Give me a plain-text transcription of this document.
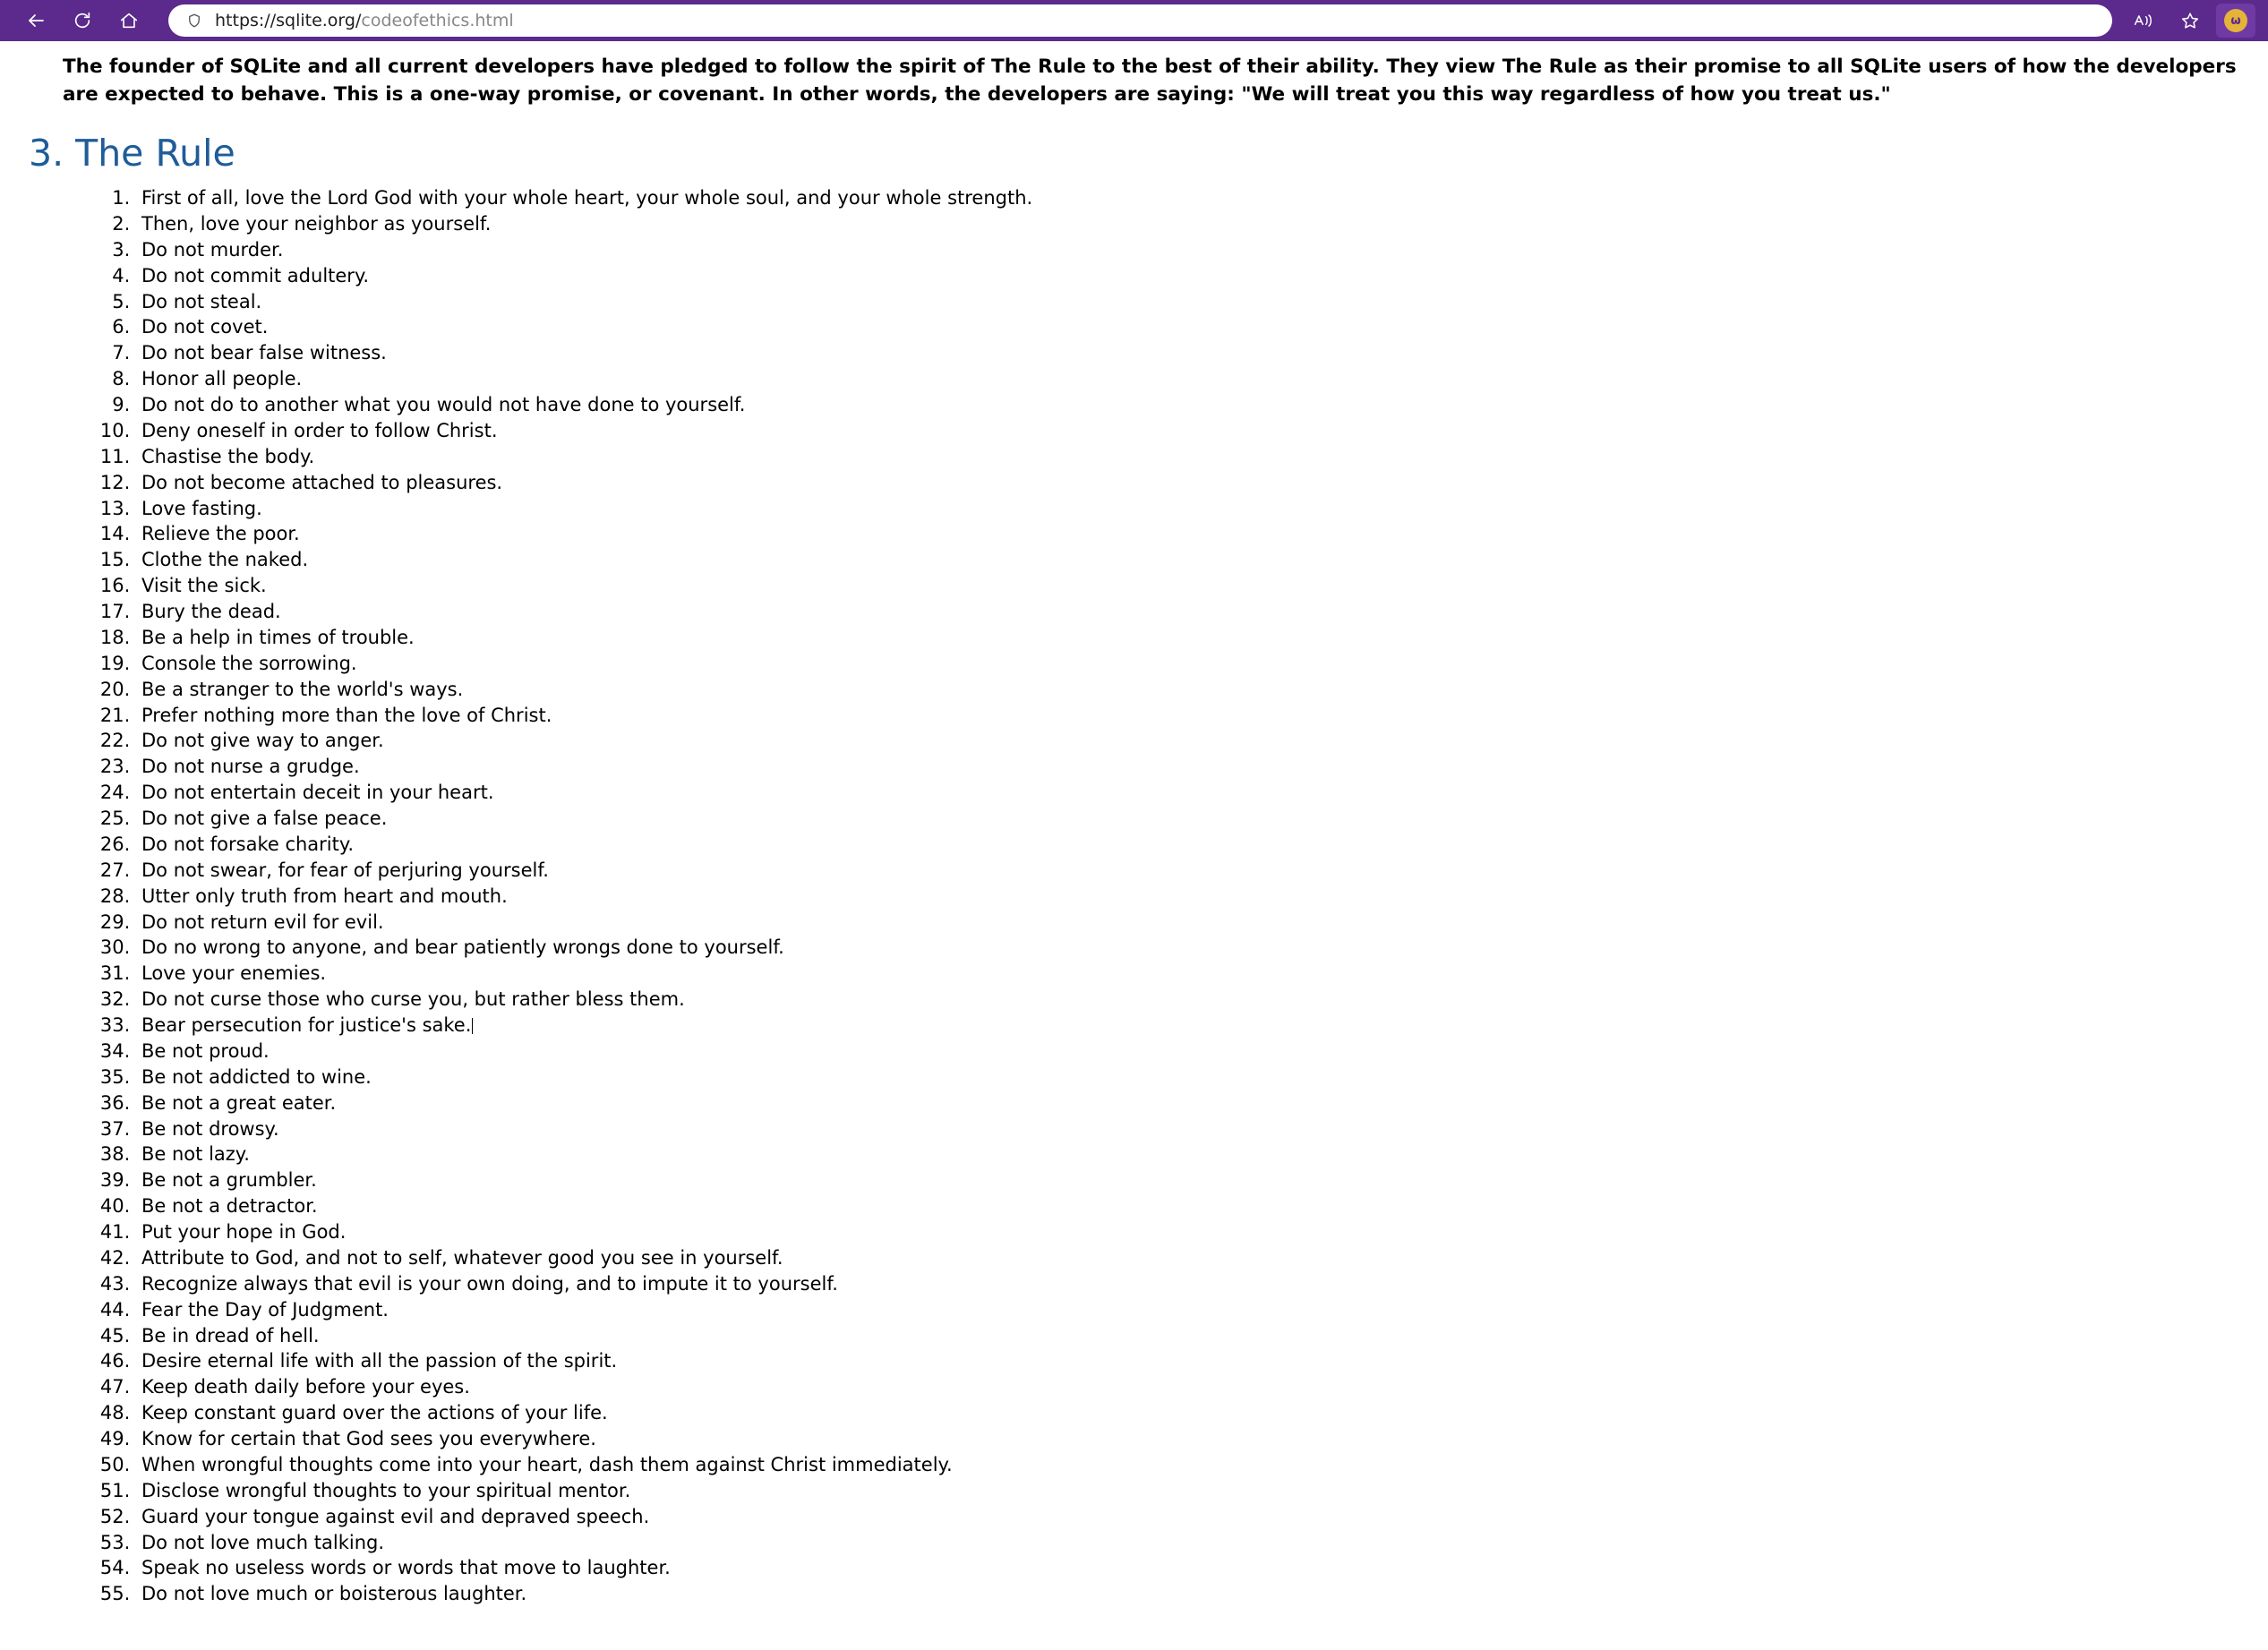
https://sqlite.org/codeofethics.html	ω

The founder of SQLite and all current developers have pledged to follow the spirit of The Rule to the best of their ability. They view The Rule as their promise to all SQLite users of how the developers are expected to behave. This is a one-way promise, or covenant. In other words, the developers are saying: "We will treat you this way regardless of how you treat us."

3. The Rule
1. First of all, love the Lord God with your whole heart, your whole soul, and your whole strength.
2. Then, love your neighbor as yourself.
3. Do not murder.
4. Do not commit adultery.
5. Do not steal.
6. Do not covet.
7. Do not bear false witness.
8. Honor all people.
9. Do not do to another what you would not have done to yourself.
10. Deny oneself in order to follow Christ.
11. Chastise the body.
12. Do not become attached to pleasures.
13. Love fasting.
14. Relieve the poor.
15. Clothe the naked.
16. Visit the sick.
17. Bury the dead.
18. Be a help in times of trouble.
19. Console the sorrowing.
20. Be a stranger to the world's ways.
21. Prefer nothing more than the love of Christ.
22. Do not give way to anger.
23. Do not nurse a grudge.
24. Do not entertain deceit in your heart.
25. Do not give a false peace.
26. Do not forsake charity.
27. Do not swear, for fear of perjuring yourself.
28. Utter only truth from heart and mouth.
29. Do not return evil for evil.
30. Do no wrong to anyone, and bear patiently wrongs done to yourself.
31. Love your enemies.
32. Do not curse those who curse you, but rather bless them.
33. Bear persecution for justice's sake.
34. Be not proud.
35. Be not addicted to wine.
36. Be not a great eater.
37. Be not drowsy.
38. Be not lazy.
39. Be not a grumbler.
40. Be not a detractor.
41. Put your hope in God.
42. Attribute to God, and not to self, whatever good you see in yourself.
43. Recognize always that evil is your own doing, and to impute it to yourself.
44. Fear the Day of Judgment.
45. Be in dread of hell.
46. Desire eternal life with all the passion of the spirit.
47. Keep death daily before your eyes.
48. Keep constant guard over the actions of your life.
49. Know for certain that God sees you everywhere.
50. When wrongful thoughts come into your heart, dash them against Christ immediately.
51. Disclose wrongful thoughts to your spiritual mentor.
52. Guard your tongue against evil and depraved speech.
53. Do not love much talking.
54. Speak no useless words or words that move to laughter.
55. Do not love much or boisterous laughter.
